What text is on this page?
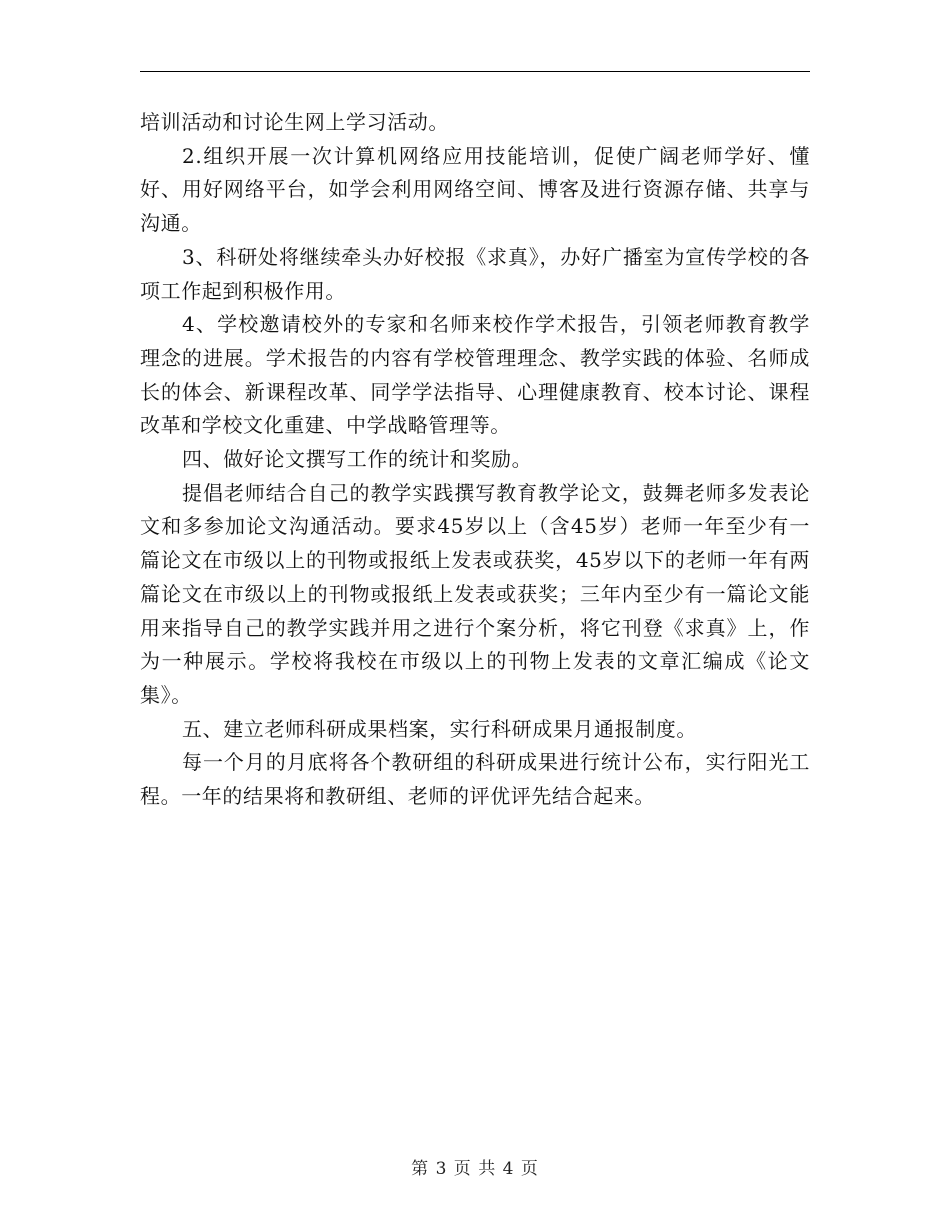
培训活动和讨论生网上学习活动。

2.组织开展一次计算机网络应用技能培训，促使广阔老师学好、懂好、用好网络平台，如学会利用网络空间、博客及进行资源存储、共享与沟通。

3、科研处将继续牵头办好校报《求真》，办好广播室为宣传学校的各项工作起到积极作用。

4、学校邀请校外的专家和名师来校作学术报告，引领老师教育教学理念的进展。学术报告的内容有学校管理理念、教学实践的体验、名师成长的体会、新课程改革、同学学法指导、心理健康教育、校本讨论、课程改革和学校文化重建、中学战略管理等。

四、做好论文撰写工作的统计和奖励。

提倡老师结合自己的教学实践撰写教育教学论文，鼓舞老师多发表论文和多参加论文沟通活动。要求45岁以上（含45岁）老师一年至少有一篇论文在市级以上的刊物或报纸上发表或获奖，45岁以下的老师一年有两篇论文在市级以上的刊物或报纸上发表或获奖；三年内至少有一篇论文能用来指导自己的教学实践并用之进行个案分析，将它刊登《求真》上，作为一种展示。学校将我校在市级以上的刊物上发表的文章汇编成《论文集》。

五、建立老师科研成果档案，实行科研成果月通报制度。

每一个月的月底将各个教研组的科研成果进行统计公布，实行阳光工程。一年的结果将和教研组、老师的评优评先结合起来。

第 3 页 共 4 页
